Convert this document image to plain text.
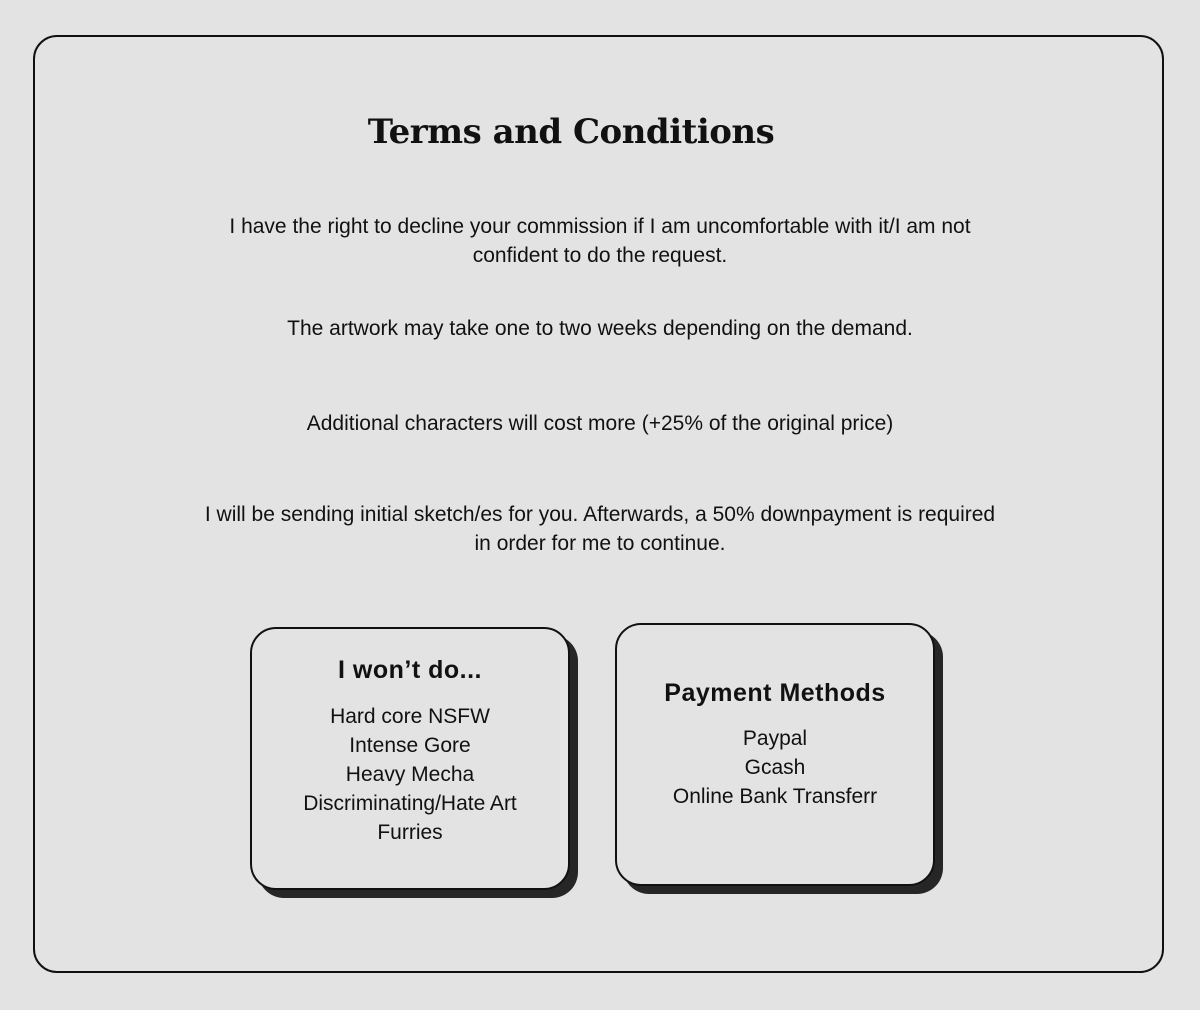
Terms and Conditions

I have the right to decline your commission if I am uncomfortable with it/I am not
confident to do the request.

The artwork may take one to two weeks depending on the demand.

Additional characters will cost more (+25% of the original price)

I will be sending initial sketch/es for you. Afterwards, a 50% downpayment is required
in order for me to continue.

I won’t do...
Hard core NSFW
Intense Gore
Heavy Mecha
Discriminating/Hate Art
Furries
Payment Methods
Paypal
Gcash
Online Bank Transferr
